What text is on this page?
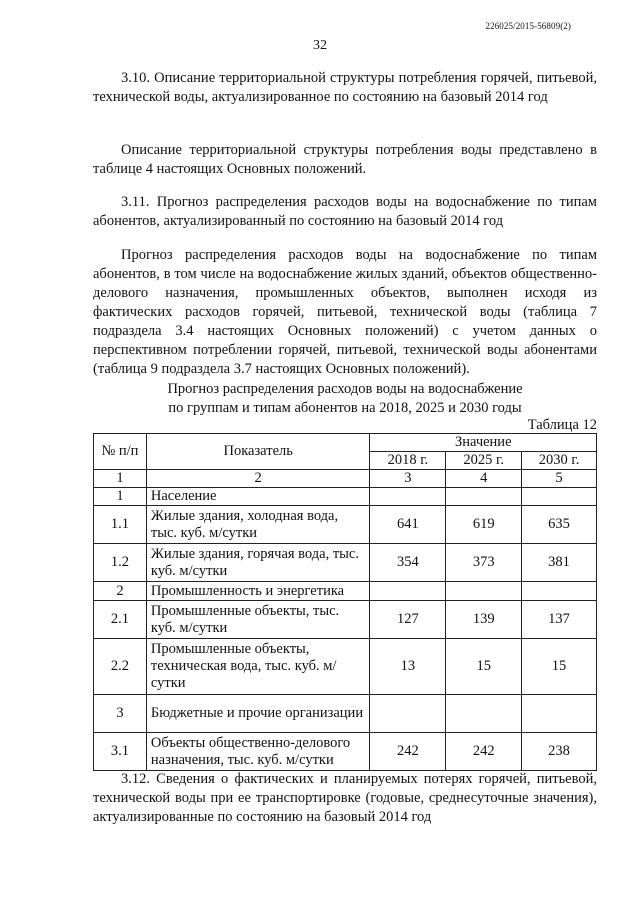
226025/2015-56809(2)
32
3.10. Описание территориальной структуры потребления горячей, питьевой, технической воды, актуализированное по состоянию на базовый 2014 год
Описание территориальной структуры потребления воды представлено в таблице 4 настоящих Основных положений.
3.11. Прогноз распределения расходов воды на водоснабжение по типам абонентов, актуализированный по состоянию на базовый 2014 год
Прогноз распределения расходов воды на водоснабжение по типам абонентов, в том числе на водоснабжение жилых зданий, объектов общественно-делового назначения, промышленных объектов, выполнен исходя из фактических расходов горячей, питьевой, технической воды (таблица 7 подраздела 3.4 настоящих Основных положений) с учетом данных о перспективном потреблении горячей, питьевой, технической воды абонентами (таблица 9 подраздела 3.7 настоящих Основных положений).
Прогноз распределения расходов воды на водоснабжение
по группам и типам абонентов на 2018, 2025 и 2030 годы
Таблица 12
№ п/п	Показатель	Значение		
		2018 г.	2025 г.	2030 г.
1	2	3	4	5
1	Население			
1.1	Жилые здания, холодная вода, тыс. куб. м/сутки	641	619	635
1.2	Жилые здания, горячая вода, тыс. куб. м/сутки	354	373	381
2	Промышленность и энергетика			
2.1	Промышленные объекты, тыс. куб. м/сутки	127	139	137
2.2	Промышленные объекты, техническая вода, тыс. куб. м/сутки	13	15	15
3	Бюджетные и прочие организации			
3.1	Объекты общественно-делового назначения, тыс. куб. м/сутки	242	242	238
3.12. Сведения о фактических и планируемых потерях горячей, питьевой, технической воды при ее транспортировке (годовые, среднесуточные значения), актуализированные по состоянию на базовый 2014 год
